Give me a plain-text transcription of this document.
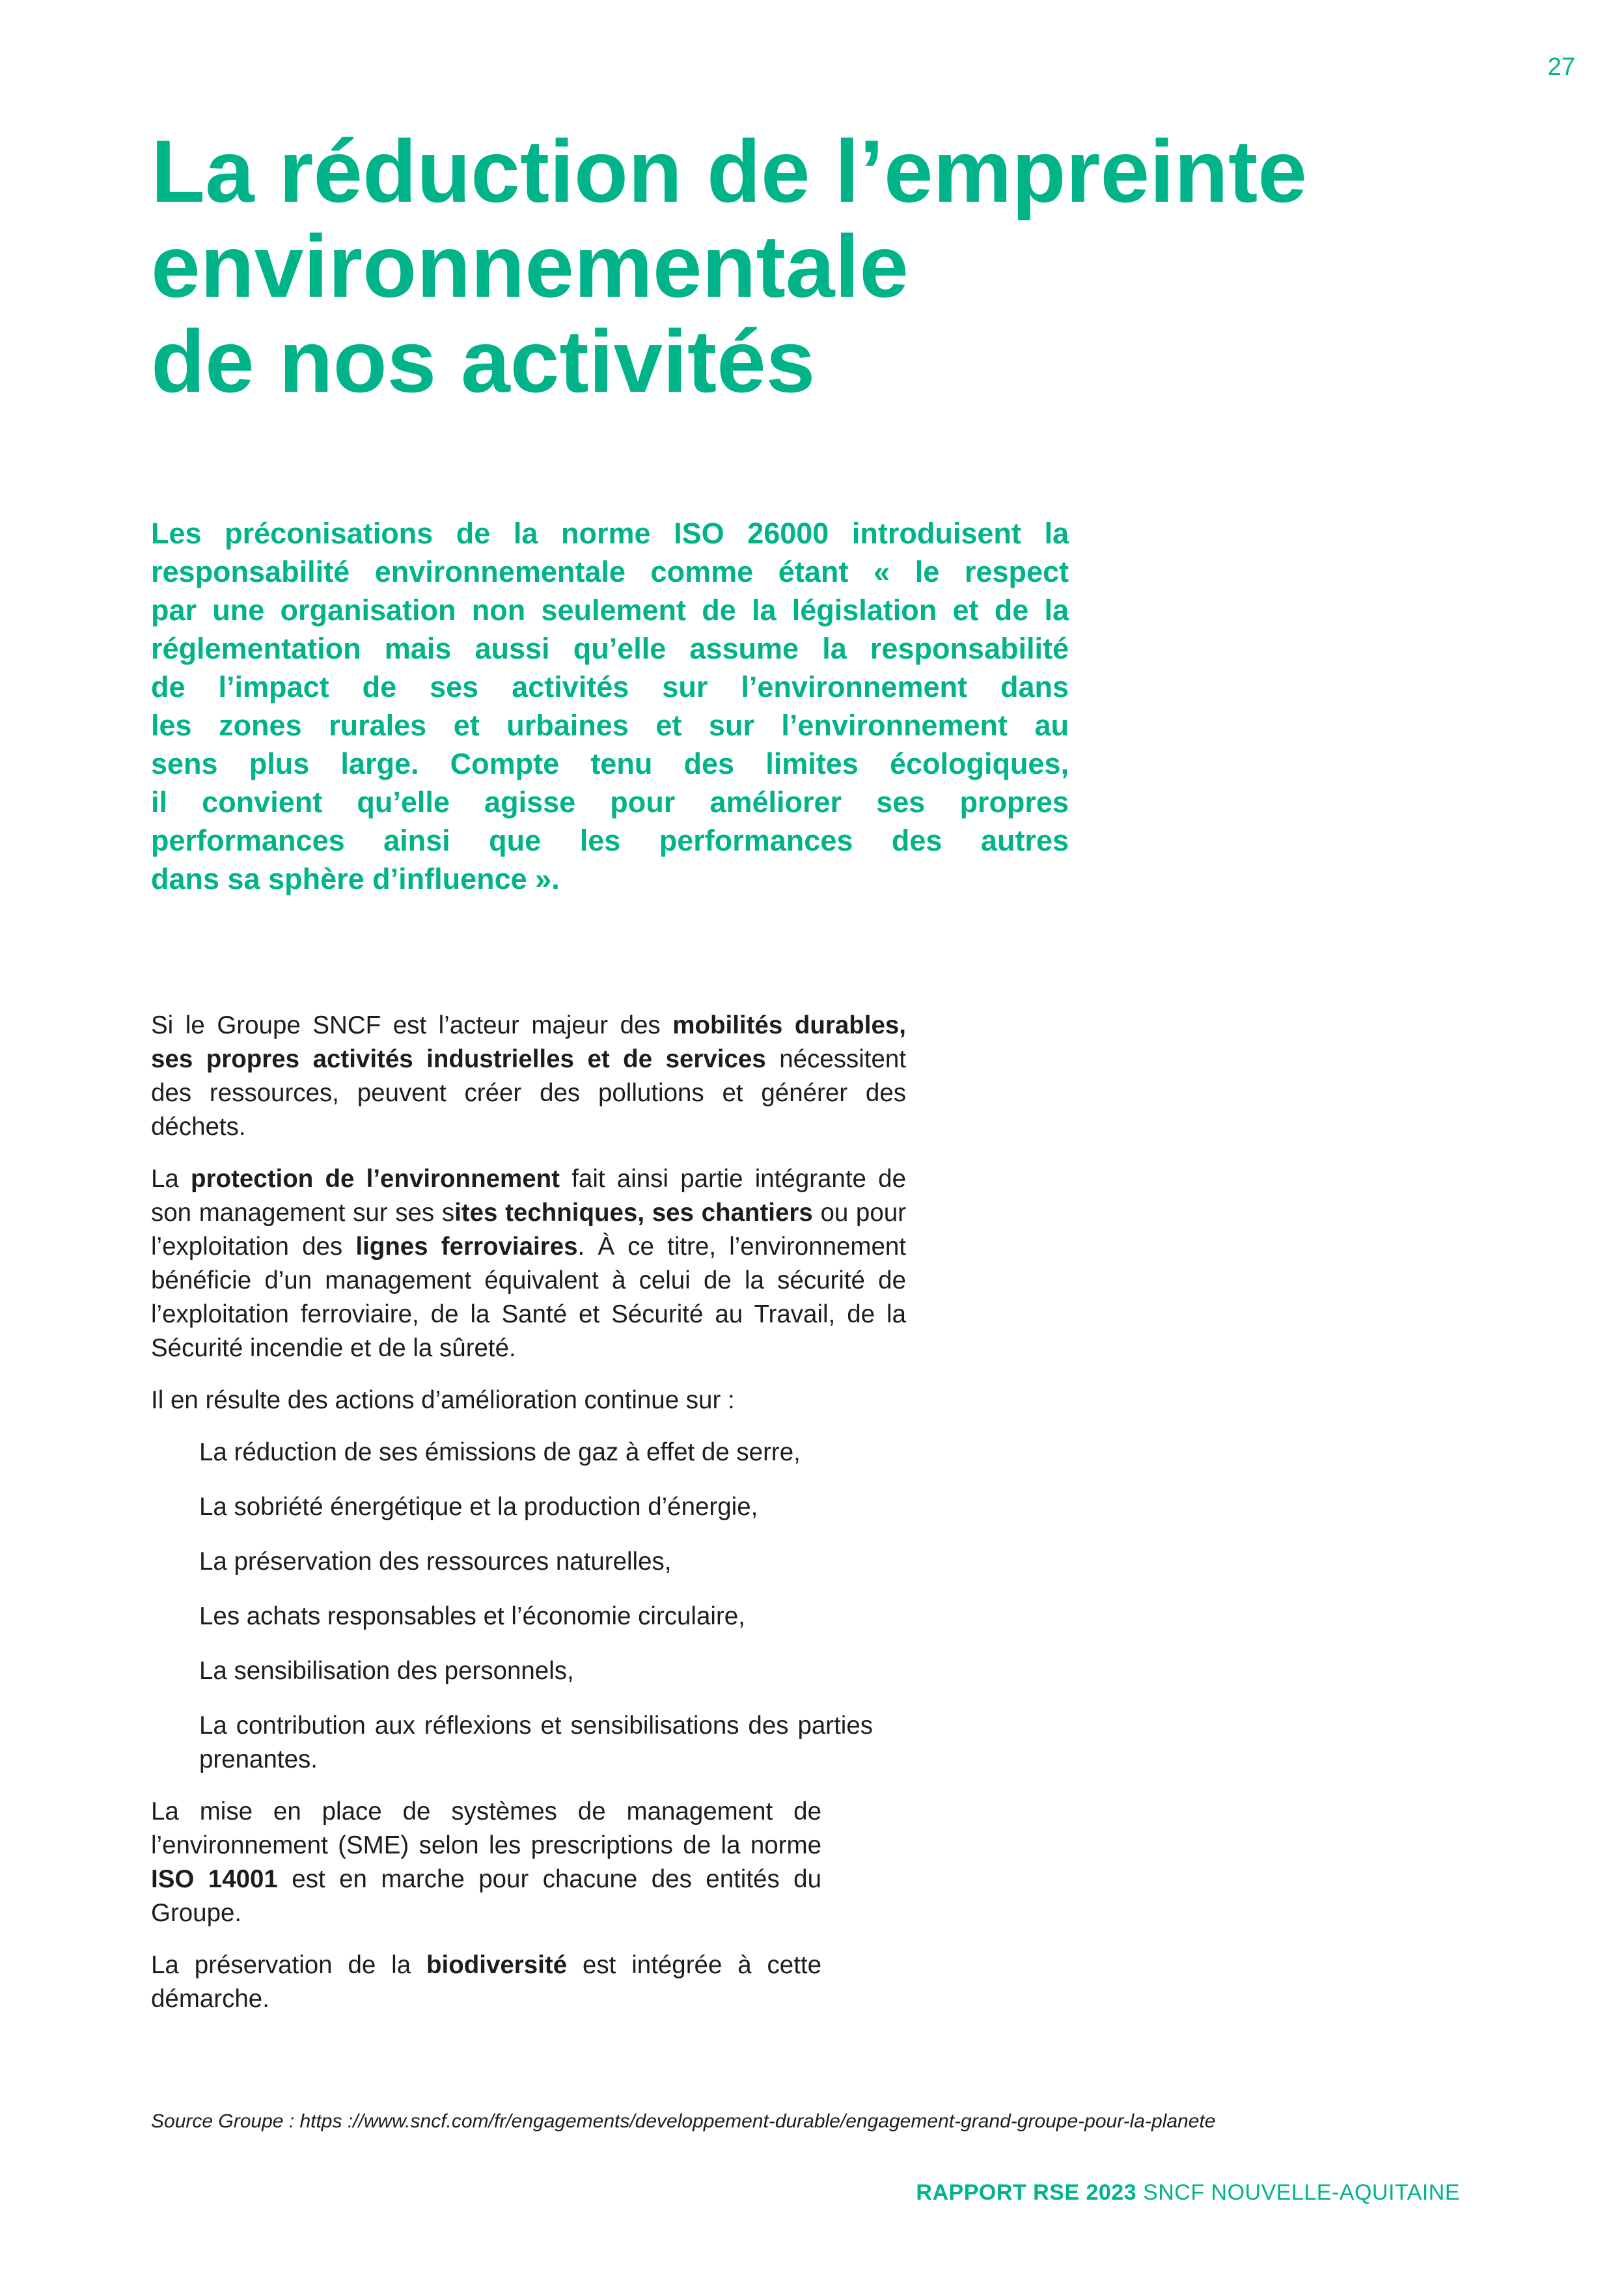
27
La réduction de l’empreinte
environnementale
de nos activités
Les préconisations de la norme ISO 26000 introduisent la
responsabilité environnementale comme étant « le respect
par une organisation non seulement de la législation et de la
réglementation mais aussi qu’elle assume la responsabilité
de l’impact de ses activités sur l’environnement dans
les zones rurales et urbaines et sur l’environnement au
sens plus large. Compte tenu des limites écologiques,
il convient qu’elle agisse pour améliorer ses propres
performances ainsi que les performances des autres
dans sa sphère d’influence ».

Si le Groupe SNCF est l’acteur majeur des mobilités durables, ses propres activités industrielles et de services nécessitent des ressources, peuvent créer des pollutions et générer des déchets.

La protection de l’environnement fait ainsi partie intégrante de son management sur ses sites techniques, ses chantiers ou pour l’exploitation des lignes ferroviaires. À ce titre, l’environnement bénéficie d’un management équivalent à celui de la sécurité de l’exploitation ferroviaire, de la Santé et Sécurité au Travail, de la Sécurité incendie et de la sûreté.

Il en résulte des actions d’amélioration continue sur :

La réduction de ses émissions de gaz à effet de serre,
La sobriété énergétique et la production d’énergie,
La préservation des ressources naturelles,
Les achats responsables et l’économie circulaire,
La sensibilisation des personnels,
La contribution aux réflexions et sensibilisations des parties prenantes.

La mise en place de systèmes de management de l’environnement (SME) selon les prescriptions de la norme ISO 14001 est en marche pour chacune des entités du Groupe.

La préservation de la biodiversité est intégrée à cette démarche.

Source Groupe : https ://www.sncf.com/fr/engagements/developpement-durable/engagement-grand-groupe-pour-la-planete
RAPPORT RSE 2023 SNCF NOUVELLE-AQUITAINE
